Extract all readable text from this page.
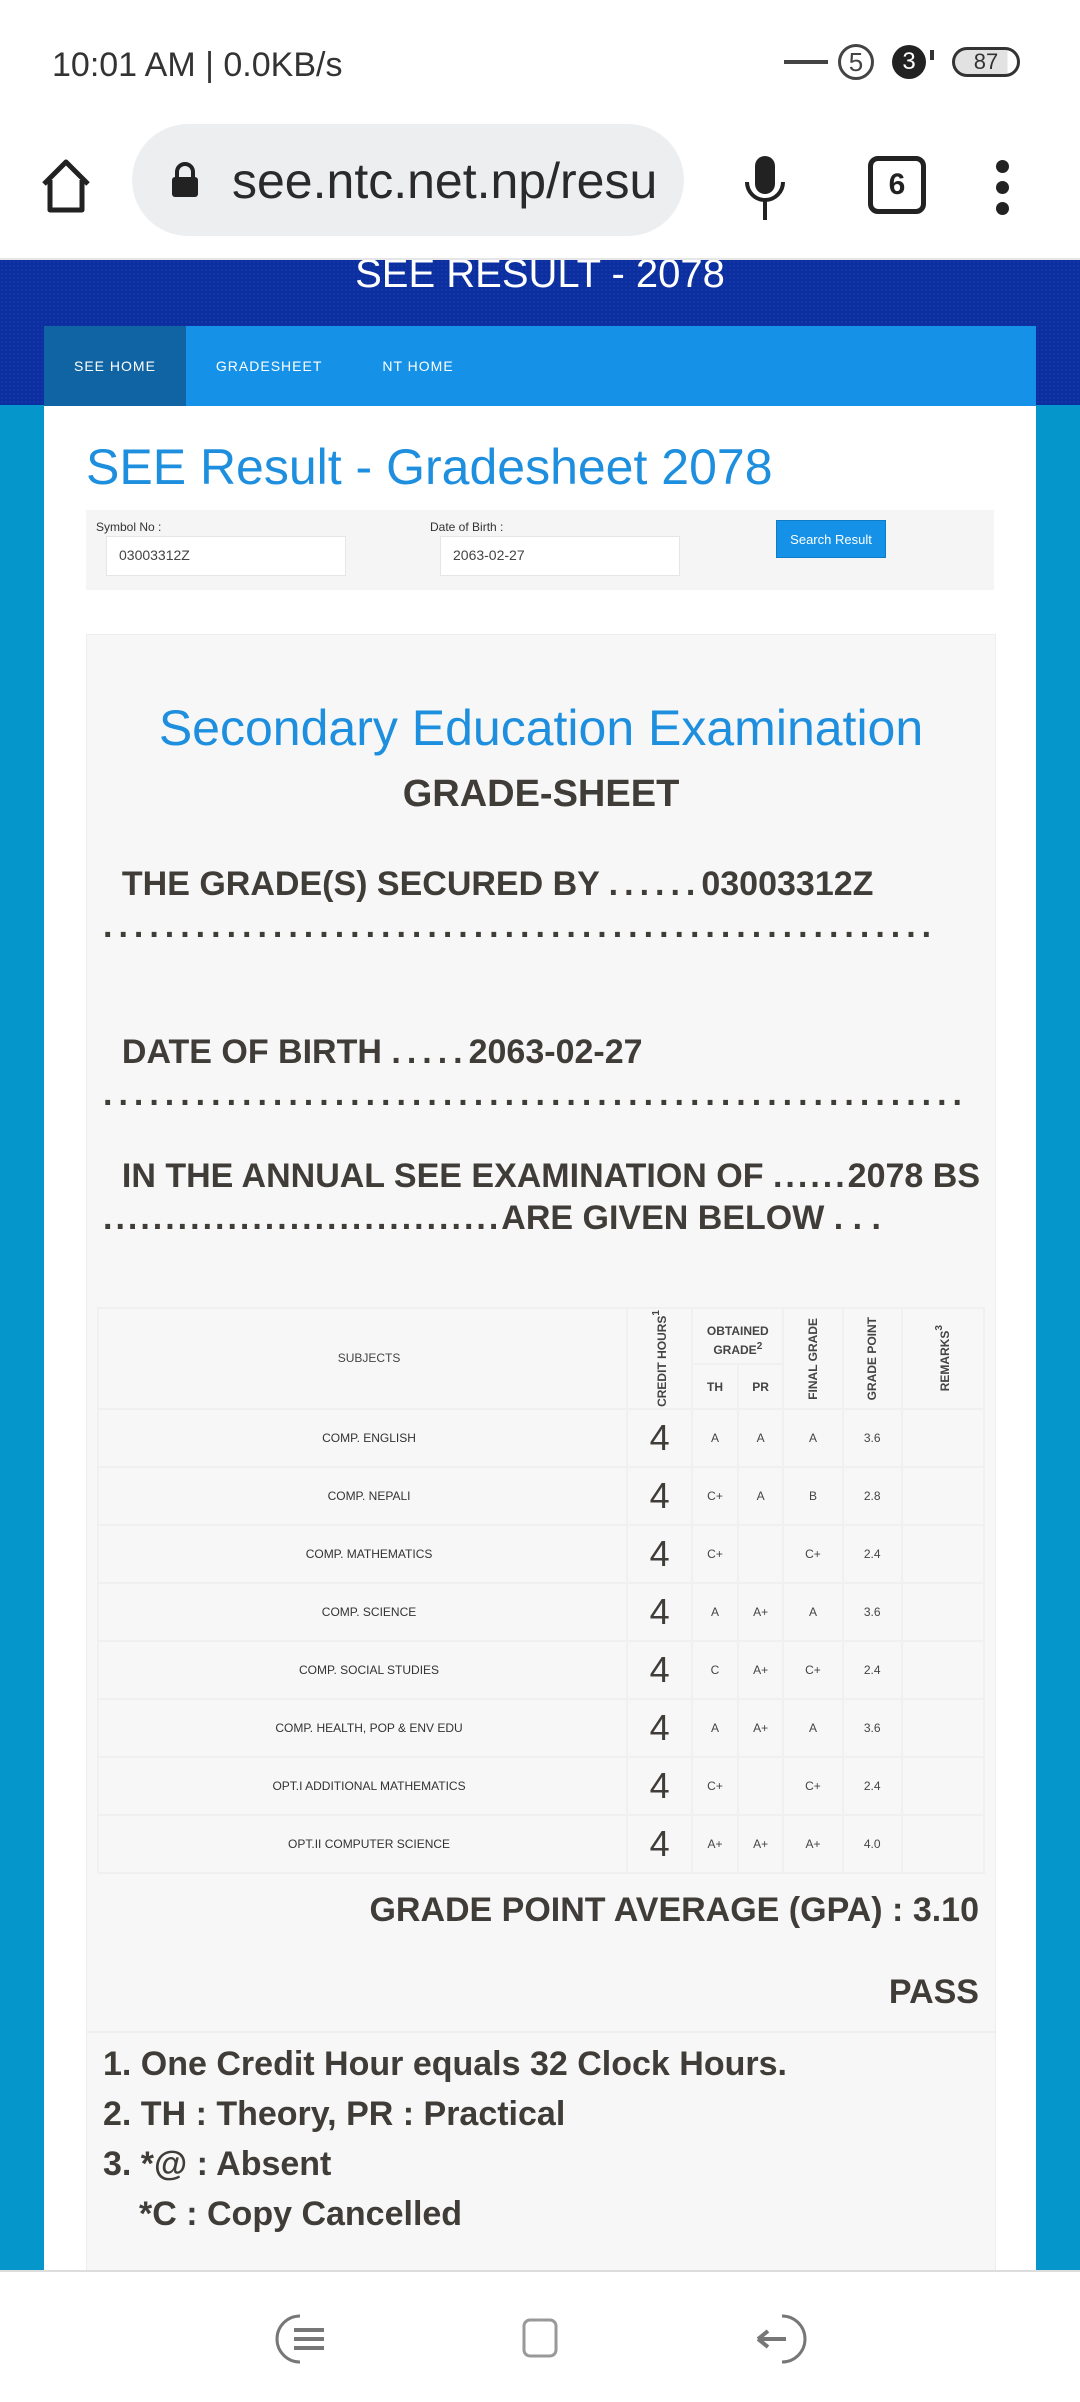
10:01 AM | 0.0KB/s	5	3	87
see.ntc.net.np/resu	6
SEE RESULT - 2078
SEE HOME	GRADESHEET	NT HOME
SEE Result - Gradesheet 2078
Symbol No :
03003312Z
Date of Birth :
2063-02-27
Search Result
Secondary Education Examination
GRADE-SHEET
THE GRADE(S) SECURED BY ......03003312Z ......................................................
DATE OF BIRTH .....2063-02-27 ........................................................
IN THE ANNUAL SEE EXAMINATION OF ......2078 BS ................................ARE GIVEN BELOW . . .
SUBJECTS	CREDIT HOURS$^1$	OBTAINED GRADE$^2$		FINAL GRADE	GRADE POINT	REMARKS$^3$

		TH	PR			
COMP. ENGLISH	4	A	A	A	3.6	
COMP. NEPALI	4	C+	A	B	2.8	
COMP. MATHEMATICS	4	C+		C+	2.4	
COMP. SCIENCE	4	A	A+	A	3.6	
COMP. SOCIAL STUDIES	4	C	A+	C+	2.4	
COMP. HEALTH, POP & ENV EDU	4	A	A+	A	3.6	
OPT.I ADDITIONAL MATHEMATICS	4	C+		C+	2.4	
OPT.II COMPUTER SCIENCE	4	A+	A+	A+	4.0	
GRADE POINT AVERAGE (GPA) : 3.10
PASS
1. One Credit Hour equals 32 Clock Hours.
2. TH : Theory, PR : Practical
3. *@ : Absent
*C : Copy Cancelled
